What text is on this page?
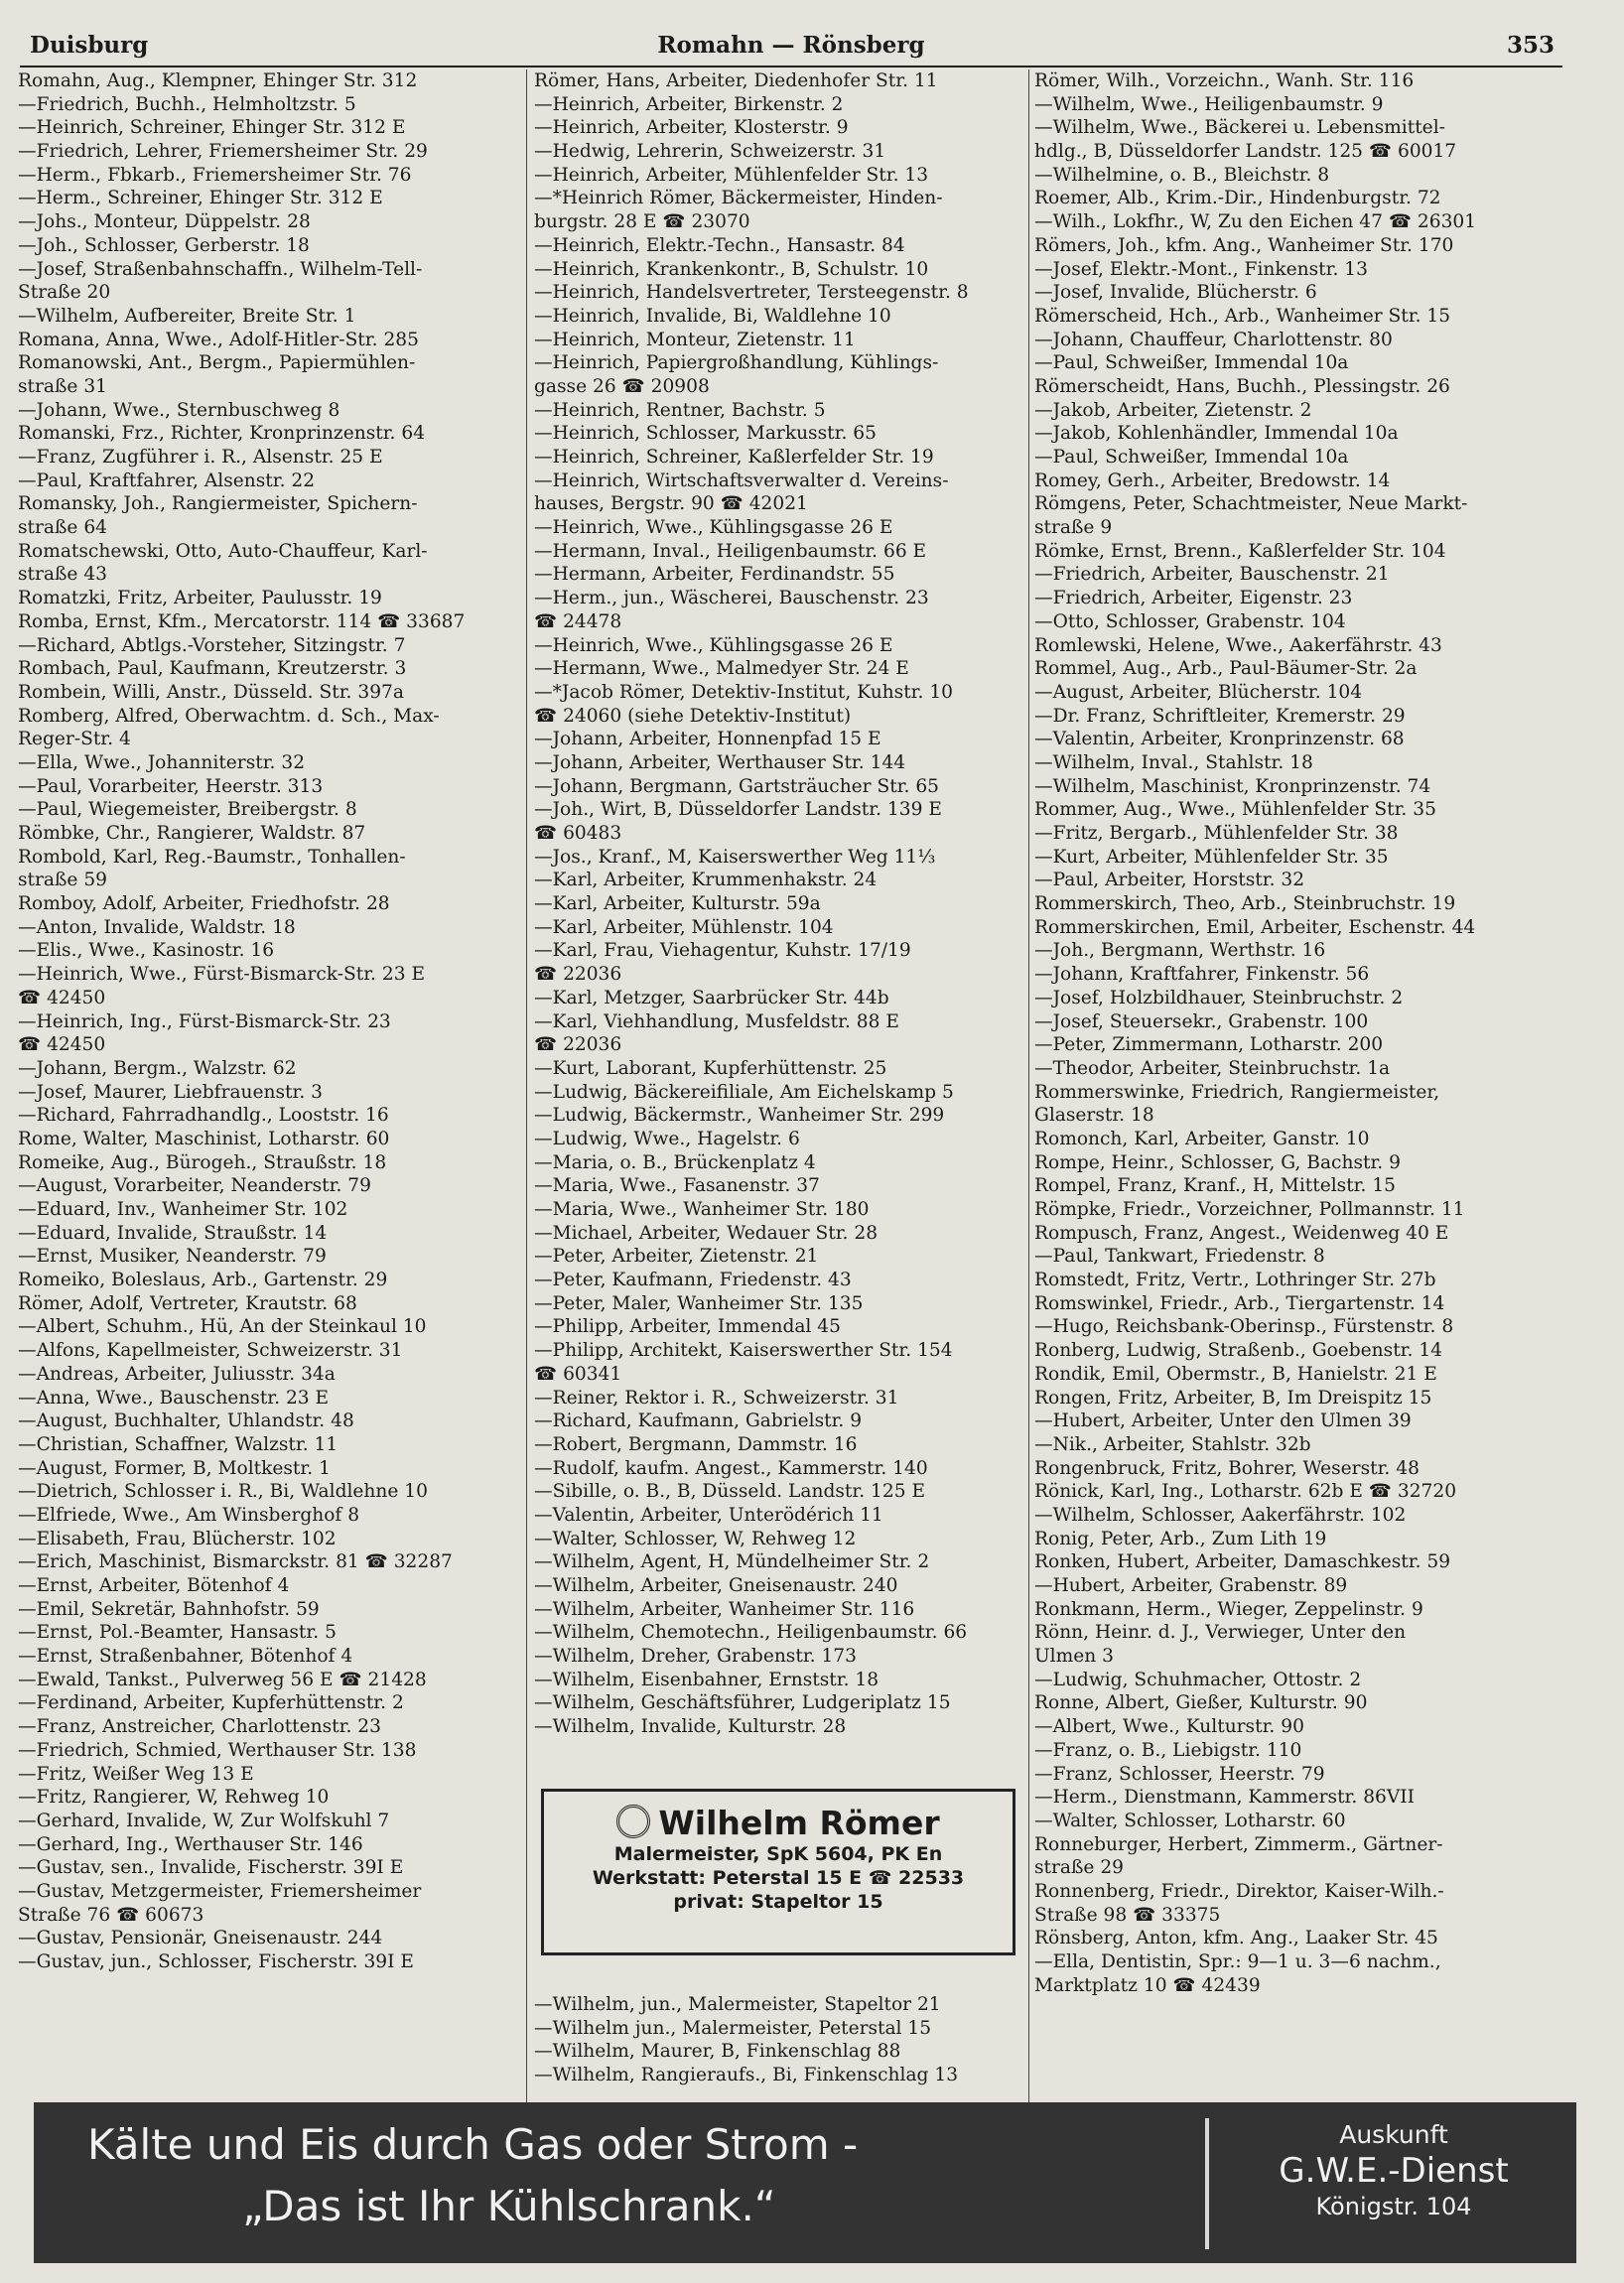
Duisburg	Romahn — Rönsberg	353
Romahn, Aug., Klempner, Ehinger Str. 312
—Friedrich, Buchh., Helmholtzstr. 5
—Heinrich, Schreiner, Ehinger Str. 312 E
—Friedrich, Lehrer, Friemersheimer Str. 29
—Herm., Fbkarb., Friemersheimer Str. 76
—Herm., Schreiner, Ehinger Str. 312 E
—Johs., Monteur, Düppelstr. 28
—Joh., Schlosser, Gerberstr. 18
—Josef, Straßenbahnschaffn., Wilhelm-Tell-
Straße 20
—Wilhelm, Aufbereiter, Breite Str. 1
Romana, Anna, Wwe., Adolf-Hitler-Str. 285
Romanowski, Ant., Bergm., Papiermühlen-
straße 31
—Johann, Wwe., Sternbuschweg 8
Romanski, Frz., Richter, Kronprinzenstr. 64
—Franz, Zugführer i. R., Alsenstr. 25 E
—Paul, Kraftfahrer, Alsenstr. 22
Romansky, Joh., Rangiermeister, Spichern-
straße 64
Romatschewski, Otto, Auto-Chauffeur, Karl-
straße 43
Romatzki, Fritz, Arbeiter, Paulusstr. 19
Romba, Ernst, Kfm., Mercatorstr. 114 ☎ 33687
—Richard, Abtlgs.-Vorsteher, Sitzingstr. 7
Rombach, Paul, Kaufmann, Kreutzerstr. 3
Rombein, Willi, Anstr., Düsseld. Str. 397a
Romberg, Alfred, Oberwachtm. d. Sch., Max-
Reger-Str. 4
—Ella, Wwe., Johanniterstr. 32
—Paul, Vorarbeiter, Heerstr. 313
—Paul, Wiegemeister, Breibergstr. 8
Römbke, Chr., Rangierer, Waldstr. 87
Rombold, Karl, Reg.-Baumstr., Tonhallen-
straße 59
Romboy, Adolf, Arbeiter, Friedhofstr. 28
—Anton, Invalide, Waldstr. 18
—Elis., Wwe., Kasinostr. 16
—Heinrich, Wwe., Fürst-Bismarck-Str. 23 E
☎ 42450
—Heinrich, Ing., Fürst-Bismarck-Str. 23
☎ 42450
—Johann, Bergm., Walzstr. 62
—Josef, Maurer, Liebfrauenstr. 3
—Richard, Fahrradhandlg., Looststr. 16
Rome, Walter, Maschinist, Lotharstr. 60
Romeike, Aug., Bürogeh., Straußstr. 18
—August, Vorarbeiter, Neanderstr. 79
—Eduard, Inv., Wanheimer Str. 102
—Eduard, Invalide, Straußstr. 14
—Ernst, Musiker, Neanderstr. 79
Romeiko, Boleslaus, Arb., Gartenstr. 29
Römer, Adolf, Vertreter, Krautstr. 68
—Albert, Schuhm., Hü, An der Steinkaul 10
—Alfons, Kapellmeister, Schweizerstr. 31
—Andreas, Arbeiter, Juliusstr. 34a
—Anna, Wwe., Bauschenstr. 23 E
—August, Buchhalter, Uhlandstr. 48
—Christian, Schaffner, Walzstr. 11
—August, Former, B, Moltkestr. 1
—Dietrich, Schlosser i. R., Bi, Waldlehne 10
—Elfriede, Wwe., Am Winsberghof 8
—Elisabeth, Frau, Blücherstr. 102
—Erich, Maschinist, Bismarckstr. 81 ☎ 32287
—Ernst, Arbeiter, Bötenhof 4
—Emil, Sekretär, Bahnhofstr. 59
—Ernst, Pol.-Beamter, Hansastr. 5
—Ernst, Straßenbahner, Bötenhof 4
—Ewald, Tankst., Pulverweg 56 E ☎ 21428
—Ferdinand, Arbeiter, Kupferhüttenstr. 2
—Franz, Anstreicher, Charlottenstr. 23
—Friedrich, Schmied, Werthauser Str. 138
—Fritz, Weißer Weg 13 E
—Fritz, Rangierer, W, Rehweg 10
—Gerhard, Invalide, W, Zur Wolfskuhl 7
—Gerhard, Ing., Werthauser Str. 146
—Gustav, sen., Invalide, Fischerstr. 39I E
—Gustav, Metzgermeister, Friemersheimer
Straße 76 ☎ 60673
—Gustav, Pensionär, Gneisenaustr. 244
—Gustav, jun., Schlosser, Fischerstr. 39I E
Römer, Hans, Arbeiter, Diedenhofer Str. 11
—Heinrich, Arbeiter, Birkenstr. 2
—Heinrich, Arbeiter, Klosterstr. 9
—Hedwig, Lehrerin, Schweizerstr. 31
—Heinrich, Arbeiter, Mühlenfelder Str. 13
—*Heinrich Römer, Bäckermeister, Hinden-
burgstr. 28 E ☎ 23070
—Heinrich, Elektr.-Techn., Hansastr. 84
—Heinrich, Krankenkontr., B, Schulstr. 10
—Heinrich, Handelsvertreter, Tersteegenstr. 8
—Heinrich, Invalide, Bi, Waldlehne 10
—Heinrich, Monteur, Zietenstr. 11
—Heinrich, Papiergroßhandlung, Kühlings-
gasse 26 ☎ 20908
—Heinrich, Rentner, Bachstr. 5
—Heinrich, Schlosser, Markusstr. 65
—Heinrich, Schreiner, Kaßlerfelder Str. 19
—Heinrich, Wirtschaftsverwalter d. Vereins-
hauses, Bergstr. 90 ☎ 42021
—Heinrich, Wwe., Kühlingsgasse 26 E
—Hermann, Inval., Heiligenbaumstr. 66 E
—Hermann, Arbeiter, Ferdinandstr. 55
—Herm., jun., Wäscherei, Bauschenstr. 23
☎ 24478
—Heinrich, Wwe., Kühlingsgasse 26 E
—Hermann, Wwe., Malmedyer Str. 24 E
—*Jacob Römer, Detektiv-Institut, Kuhstr. 10
☎ 24060 (siehe Detektiv-Institut)
—Johann, Arbeiter, Honnenpfad 15 E
—Johann, Arbeiter, Werthauser Str. 144
—Johann, Bergmann, Gartsträucher Str. 65
—Joh., Wirt, B, Düsseldorfer Landstr. 139 E
☎ 60483
—Jos., Kranf., M, Kaiserswerther Weg 11⅓
—Karl, Arbeiter, Krummenhakstr. 24
—Karl, Arbeiter, Kulturstr. 59a
—Karl, Arbeiter, Mühlenstr. 104
—Karl, Frau, Viehagentur, Kuhstr. 17/19
☎ 22036
—Karl, Metzger, Saarbrücker Str. 44b
—Karl, Viehhandlung, Musfeldstr. 88 E
☎ 22036
—Kurt, Laborant, Kupferhüttenstr. 25
—Ludwig, Bäckereifiliale, Am Eichelskamp 5
—Ludwig, Bäckermstr., Wanheimer Str. 299
—Ludwig, Wwe., Hagelstr. 6
—Maria, o. B., Brückenplatz 4
—Maria, Wwe., Fasanenstr. 37
—Maria, Wwe., Wanheimer Str. 180
—Michael, Arbeiter, Wedauer Str. 28
—Peter, Arbeiter, Zietenstr. 21
—Peter, Kaufmann, Friedenstr. 43
—Peter, Maler, Wanheimer Str. 135
—Philipp, Arbeiter, Immendal 45
—Philipp, Architekt, Kaiserswerther Str. 154
☎ 60341
—Reiner, Rektor i. R., Schweizerstr. 31
—Richard, Kaufmann, Gabrielstr. 9
—Robert, Bergmann, Dammstr. 16
—Rudolf, kaufm. Angest., Kammerstr. 140
—Sibille, o. B., B, Düsseld. Landstr. 125 E
—Valentin, Arbeiter, Unterödérich 11
—Walter, Schlosser, W, Rehweg 12
—Wilhelm, Agent, H, Mündelheimer Str. 2
—Wilhelm, Arbeiter, Gneisenaustr. 240
—Wilhelm, Arbeiter, Wanheimer Str. 116
—Wilhelm, Chemotechn., Heiligenbaumstr. 66
—Wilhelm, Dreher, Grabenstr. 173
—Wilhelm, Eisenbahner, Ernststr. 18
—Wilhelm, Geschäftsführer, Ludgeriplatz 15
—Wilhelm, Invalide, Kulturstr. 28
Römer, Wilh., Vorzeichn., Wanh. Str. 116
—Wilhelm, Wwe., Heiligenbaumstr. 9
—Wilhelm, Wwe., Bäckerei u. Lebensmittel-
hdlg., B, Düsseldorfer Landstr. 125 ☎ 60017
—Wilhelmine, o. B., Bleichstr. 8
Roemer, Alb., Krim.-Dir., Hindenburgstr. 72
—Wilh., Lokfhr., W, Zu den Eichen 47 ☎ 26301
Römers, Joh., kfm. Ang., Wanheimer Str. 170
—Josef, Elektr.-Mont., Finkenstr. 13
—Josef, Invalide, Blücherstr. 6
Römerscheid, Hch., Arb., Wanheimer Str. 15
—Johann, Chauffeur, Charlottenstr. 80
—Paul, Schweißer, Immendal 10a
Römerscheidt, Hans, Buchh., Plessingstr. 26
—Jakob, Arbeiter, Zietenstr. 2
—Jakob, Kohlenhändler, Immendal 10a
—Paul, Schweißer, Immendal 10a
Romey, Gerh., Arbeiter, Bredowstr. 14
Römgens, Peter, Schachtmeister, Neue Markt-
straße 9
Römke, Ernst, Brenn., Kaßlerfelder Str. 104
—Friedrich, Arbeiter, Bauschenstr. 21
—Friedrich, Arbeiter, Eigenstr. 23
—Otto, Schlosser, Grabenstr. 104
Romlewski, Helene, Wwe., Aakerfährstr. 43
Rommel, Aug., Arb., Paul-Bäumer-Str. 2a
—August, Arbeiter, Blücherstr. 104
—Dr. Franz, Schriftleiter, Kremerstr. 29
—Valentin, Arbeiter, Kronprinzenstr. 68
—Wilhelm, Inval., Stahlstr. 18
—Wilhelm, Maschinist, Kronprinzenstr. 74
Rommer, Aug., Wwe., Mühlenfelder Str. 35
—Fritz, Bergarb., Mühlenfelder Str. 38
—Kurt, Arbeiter, Mühlenfelder Str. 35
—Paul, Arbeiter, Horststr. 32
Rommerskirch, Theo, Arb., Steinbruchstr. 19
Rommerskirchen, Emil, Arbeiter, Eschenstr. 44
—Joh., Bergmann, Werthstr. 16
—Johann, Kraftfahrer, Finkenstr. 56
—Josef, Holzbildhauer, Steinbruchstr. 2
—Josef, Steuersekr., Grabenstr. 100
—Peter, Zimmermann, Lotharstr. 200
—Theodor, Arbeiter, Steinbruchstr. 1a
Rommerswinke, Friedrich, Rangiermeister,
Glaserstr. 18
Romonch, Karl, Arbeiter, Ganstr. 10
Rompe, Heinr., Schlosser, G, Bachstr. 9
Rompel, Franz, Kranf., H, Mittelstr. 15
Römpke, Friedr., Vorzeichner, Pollmannstr. 11
Rompusch, Franz, Angest., Weidenweg 40 E
—Paul, Tankwart, Friedenstr. 8
Romstedt, Fritz, Vertr., Lothringer Str. 27b
Romswinkel, Friedr., Arb., Tiergartenstr. 14
—Hugo, Reichsbank-Oberinsp., Fürstenstr. 8
Ronberg, Ludwig, Straßenb., Goebenstr. 14
Rondik, Emil, Obermstr., B, Hanielstr. 21 E
Rongen, Fritz, Arbeiter, B, Im Dreispitz 15
—Hubert, Arbeiter, Unter den Ulmen 39
—Nik., Arbeiter, Stahlstr. 32b
Rongenbruck, Fritz, Bohrer, Weserstr. 48
Rönick, Karl, Ing., Lotharstr. 62b E ☎ 32720
—Wilhelm, Schlosser, Aakerfährstr. 102
Ronig, Peter, Arb., Zum Lith 19
Ronken, Hubert, Arbeiter, Damaschkestr. 59
—Hubert, Arbeiter, Grabenstr. 89
Ronkmann, Herm., Wieger, Zeppelinstr. 9
Rönn, Heinr. d. J., Verwieger, Unter den
Ulmen 3
—Ludwig, Schuhmacher, Ottostr. 2
Ronne, Albert, Gießer, Kulturstr. 90
—Albert, Wwe., Kulturstr. 90
—Franz, o. B., Liebigstr. 110
—Franz, Schlosser, Heerstr. 79
—Herm., Dienstmann, Kammerstr. 86VII
—Walter, Schlosser, Lotharstr. 60
Ronneburger, Herbert, Zimmerm., Gärtner-
straße 29
Ronnenberg, Friedr., Direktor, Kaiser-Wilh.-
Straße 98 ☎ 33375
Rönsberg, Anton, kfm. Ang., Laaker Str. 45
—Ella, Dentistin, Spr.: 9—1 u. 3—6 nachm.,
Marktplatz 10 ☎ 42439
Wilhelm Römer
Malermeister, SpK 5604, PK En
Werkstatt: Peterstal 15 E ☎ 22533
privat: Stapeltor 15
—Wilhelm, jun., Malermeister, Stapeltor 21
—Wilhelm jun., Malermeister, Peterstal 15
—Wilhelm, Maurer, B, Finkenschlag 88
—Wilhelm, Rangieraufs., Bi, Finkenschlag 13
Kälte und Eis durch Gas oder Strom -
„Das ist Ihr Kühlschrank.“
Auskunft
G.W.E.-Dienst
Königstr. 104
